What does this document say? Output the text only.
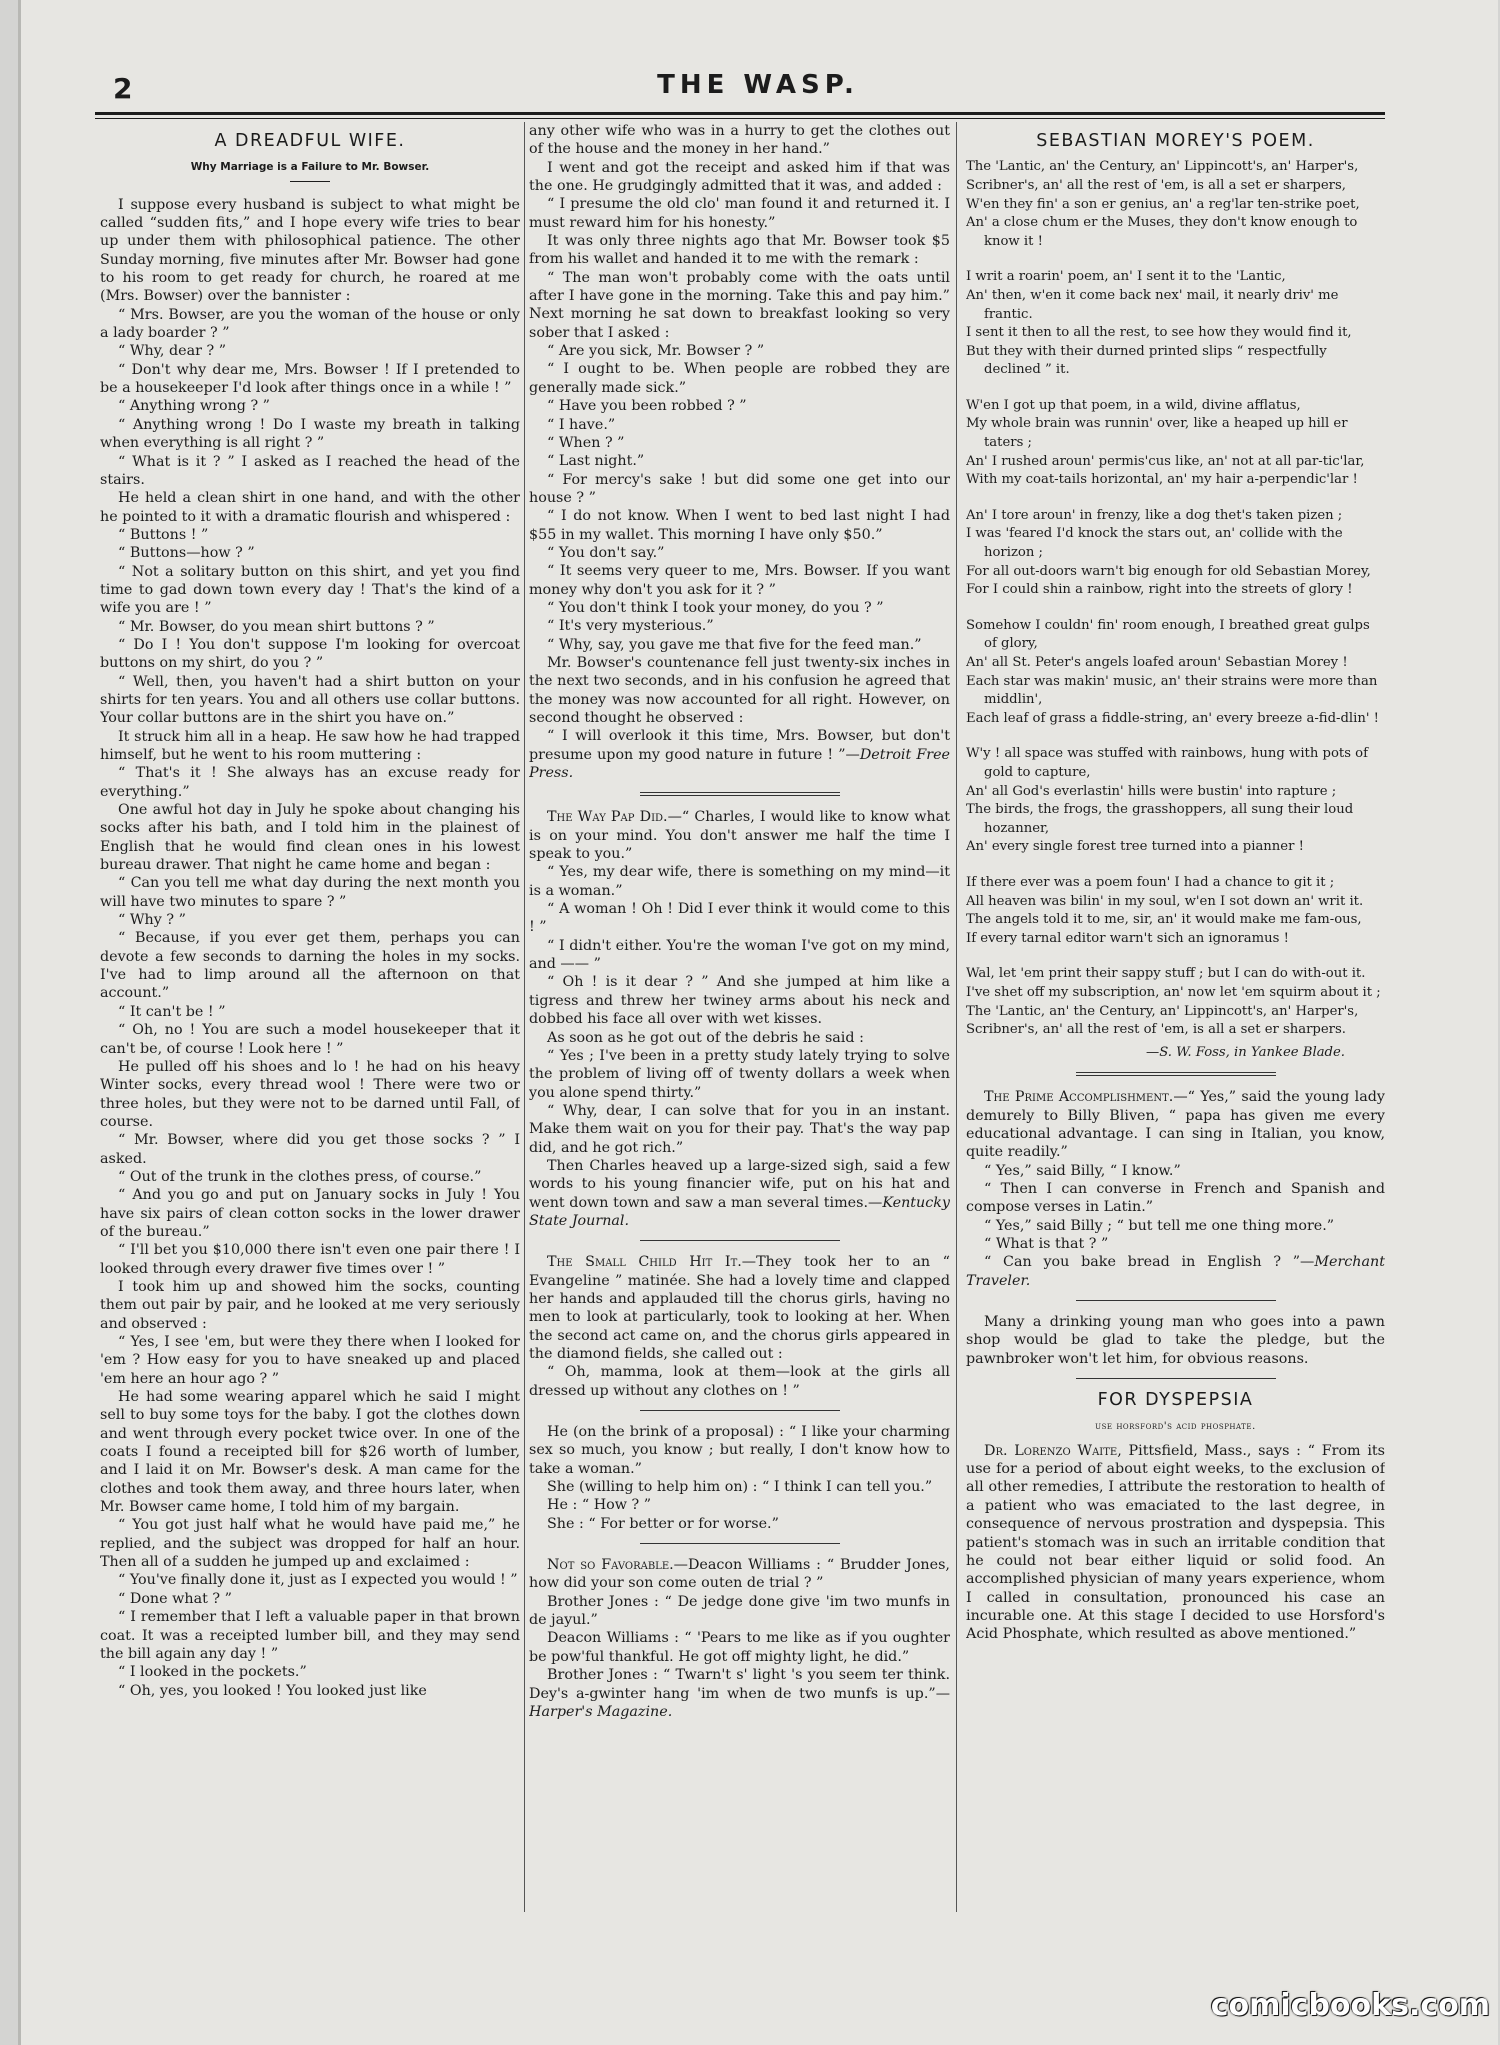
2	THE WASP.
A DREADFUL WIFE.
Why Marriage is a Failure to Mr. Bowser.

I suppose every husband is subject to what might be called “sudden fits,” and I hope every wife tries to bear up under them with philosophical patience. The other Sunday morning, five minutes after Mr. Bowser had gone to his room to get ready for church, he roared at me (Mrs. Bowser) over the bannister :

“ Mrs. Bowser, are you the woman of the house or only a lady boarder ? ”

“ Why, dear ? ”

“ Don't why dear me, Mrs. Bowser ! If I pretended to be a housekeeper I'd look after things once in a while ! ”

“ Anything wrong ? ”

“ Anything wrong ! Do I waste my breath in talking when everything is all right ? ”

“ What is it ? ” I asked as I reached the head of the stairs.

He held a clean shirt in one hand, and with the other he pointed to it with a dramatic flourish and whispered :

“ Buttons ! ”

“ Buttons—how ? ”

“ Not a solitary button on this shirt, and yet you find time to gad down town every day ! That's the kind of a wife you are ! ”

“ Mr. Bowser, do you mean shirt buttons ? ”

“ Do I ! You don't suppose I'm looking for overcoat buttons on my shirt, do you ? ”

“ Well, then, you haven't had a shirt button on your shirts for ten years. You and all others use collar buttons. Your collar buttons are in the shirt you have on.”

It struck him all in a heap. He saw how he had trapped himself, but he went to his room muttering :

“ That's it ! She always has an excuse ready for everything.”

One awful hot day in July he spoke about changing his socks after his bath, and I told him in the plainest of English that he would find clean ones in his lowest bureau drawer. That night he came home and began :

“ Can you tell me what day during the next month you will have two minutes to spare ? ”

“ Why ? ”

“ Because, if you ever get them, perhaps you can devote a few seconds to darning the holes in my socks. I've had to limp around all the afternoon on that account.”

“ It can't be ! ”

“ Oh, no ! You are such a model housekeeper that it can't be, of course ! Look here ! ”

He pulled off his shoes and lo ! he had on his heavy Winter socks, every thread wool ! There were two or three holes, but they were not to be darned until Fall, of course.

“ Mr. Bowser, where did you get those socks ? ” I asked.

“ Out of the trunk in the clothes press, of course.”

“ And you go and put on January socks in July ! You have six pairs of clean cotton socks in the lower drawer of the bureau.”

“ I'll bet you $10,000 there isn't even one pair there ! I looked through every drawer five times over ! ”

I took him up and showed him the socks, counting them out pair by pair, and he looked at me very seriously and observed :

“ Yes, I see 'em, but were they there when I looked for 'em ? How easy for you to have sneaked up and placed 'em here an hour ago ? ”

He had some wearing apparel which he said I might sell to buy some toys for the baby. I got the clothes down and went through every pocket twice over. In one of the coats I found a receipted bill for $26 worth of lumber, and I laid it on Mr. Bowser's desk. A man came for the clothes and took them away, and three hours later, when Mr. Bowser came home, I told him of my bargain.

“ You got just half what he would have paid me,” he replied, and the subject was dropped for half an hour. Then all of a sudden he jumped up and exclaimed :

“ You've finally done it, just as I expected you would ! ”

“ Done what ? ”

“ I remember that I left a valuable paper in that brown coat. It was a receipted lumber bill, and they may send the bill again any day ! ”

“ I looked in the pockets.”

“ Oh, yes, you looked ! You looked just like

any other wife who was in a hurry to get the clothes out of the house and the money in her hand.”

I went and got the receipt and asked him if that was the one. He grudgingly admitted that it was, and added :

“ I presume the old clo' man found it and returned it. I must reward him for his honesty.”

It was only three nights ago that Mr. Bowser took $5 from his wallet and handed it to me with the remark :

“ The man won't probably come with the oats until after I have gone in the morning. Take this and pay him.” Next morning he sat down to breakfast looking so very sober that I asked :

“ Are you sick, Mr. Bowser ? ”

“ I ought to be. When people are robbed they are generally made sick.”

“ Have you been robbed ? ”

“ I have.”

“ When ? ”

“ Last night.”

“ For mercy's sake ! but did some one get into our house ? ”

“ I do not know. When I went to bed last night I had $55 in my wallet. This morning I have only $50.”

“ You don't say.”

“ It seems very queer to me, Mrs. Bowser. If you want money why don't you ask for it ? ”

“ You don't think I took your money, do you ? ”

“ It's very mysterious.”

“ Why, say, you gave me that five for the feed man.”

Mr. Bowser's countenance fell just twenty-six inches in the next two seconds, and in his confusion he agreed that the money was now accounted for all right. However, on second thought he observed :

“ I will overlook it this time, Mrs. Bowser, but don't presume upon my good nature in future ! ”—Detroit Free Press.

The Way Pap Did.—“ Charles, I would like to know what is on your mind. You don't answer me half the time I speak to you.”

“ Yes, my dear wife, there is something on my mind—it is a woman.”

“ A woman ! Oh ! Did I ever think it would come to this ! ”

“ I didn't either. You're the woman I've got on my mind, and —— ”

“ Oh ! is it dear ? ” And she jumped at him like a tigress and threw her twiney arms about his neck and dobbed his face all over with wet kisses.

As soon as he got out of the debris he said :

“ Yes ; I've been in a pretty study lately trying to solve the problem of living off of twenty dollars a week when you alone spend thirty.”

“ Why, dear, I can solve that for you in an instant. Make them wait on you for their pay. That's the way pap did, and he got rich.”

Then Charles heaved up a large-sized sigh, said a few words to his young financier wife, put on his hat and went down town and saw a man several times.—Kentucky State Journal.

The Small Child Hit It.—They took her to an “ Evangeline ” matinée. She had a lovely time and clapped her hands and applauded till the chorus girls, having no men to look at particularly, took to looking at her. When the second act came on, and the chorus girls appeared in the diamond fields, she called out :

“ Oh, mamma, look at them—look at the girls all dressed up without any clothes on ! ”

He (on the brink of a proposal) : “ I like your charming sex so much, you know ; but really, I don't know how to take a woman.”

She (willing to help him on) : “ I think I can tell you.”

He : “ How ? ”

She : “ For better or for worse.”

Not so Favorable.—Deacon Williams : “ Brudder Jones, how did your son come outen de trial ? ”

Brother Jones : “ De jedge done give 'im two munfs in de jayul.”

Deacon Williams : “ 'Pears to me like as if you oughter be pow'ful thankful. He got off mighty light, he did.”

Brother Jones : “ Twarn't s' light 's you seem ter think. Dey's a-gwinter hang 'im when de two munfs is up.”—Harper's Magazine.

SEBASTIAN MOREY'S POEM.
The 'Lantic, an' the Century, an' Lippincott's, an' Harper's,
Scribner's, an' all the rest of 'em, is all a set er sharpers,
W'en they fin' a son er genius, an' a reg'lar ten-strike poet,
An' a close chum er the Muses, they don't know enough to know it !
I writ a roarin' poem, an' I sent it to the 'Lantic,
An' then, w'en it come back nex' mail, it nearly driv' me frantic.
I sent it then to all the rest, to see how they would find it,
But they with their durned printed slips “ respectfully declined ” it.
W'en I got up that poem, in a wild, divine afflatus,
My whole brain was runnin' over, like a heaped up hill er taters ;
An' I rushed aroun' permis'cus like, an' not at all par-tic'lar,
With my coat-tails horizontal, an' my hair a-perpendic'lar !
An' I tore aroun' in frenzy, like a dog thet's taken pizen ;
I was 'feared I'd knock the stars out, an' collide with the horizon ;
For all out-doors warn't big enough for old Sebastian Morey,
For I could shin a rainbow, right into the streets of glory !
Somehow I couldn' fin' room enough, I breathed great gulps of glory,
An' all St. Peter's angels loafed aroun' Sebastian Morey !
Each star was makin' music, an' their strains were more than middlin',
Each leaf of grass a fiddle-string, an' every breeze a-fid-dlin' !
W'y ! all space was stuffed with rainbows, hung with pots of gold to capture,
An' all God's everlastin' hills were bustin' into rapture ;
The birds, the frogs, the grasshoppers, all sung their loud hozanner,
An' every single forest tree turned into a pianner !
If there ever was a poem foun' I had a chance to git it ;
All heaven was bilin' in my soul, w'en I sot down an' writ it.
The angels told it to me, sir, an' it would make me fam-ous,
If every tarnal editor warn't sich an ignoramus !
Wal, let 'em print their sappy stuff ; but I can do with-out it.
I've shet off my subscription, an' now let 'em squirm about it ;
The 'Lantic, an' the Century, an' Lippincott's, an' Harper's,
Scribner's, an' all the rest of 'em, is all a set er sharpers.
—S. W. Foss, in Yankee Blade.

The Prime Accomplishment.—“ Yes,” said the young lady demurely to Billy Bliven, “ papa has given me every educational advantage. I can sing in Italian, you know, quite readily.”

“ Yes,” said Billy, “ I know.”

“ Then I can converse in French and Spanish and compose verses in Latin.”

“ Yes,” said Billy ; “ but tell me one thing more.”

“ What is that ? ”

“ Can you bake bread in English ? ”—Merchant Traveler.

Many a drinking young man who goes into a pawn shop would be glad to take the pledge, but the pawnbroker won't let him, for obvious reasons.

FOR DYSPEPSIA
use horsford's acid phosphate.

Dr. Lorenzo Waite, Pittsfield, Mass., says : “ From its use for a period of about eight weeks, to the exclusion of all other remedies, I attribute the restoration to health of a patient who was emaciated to the last degree, in consequence of nervous prostration and dyspepsia. This patient's stomach was in such an irritable condition that he could not bear either liquid or solid food. An accomplished physician of many years experience, whom I called in consultation, pronounced his case an incurable one. At this stage I decided to use Horsford's Acid Phosphate, which resulted as above mentioned.”

comicbooks.com
